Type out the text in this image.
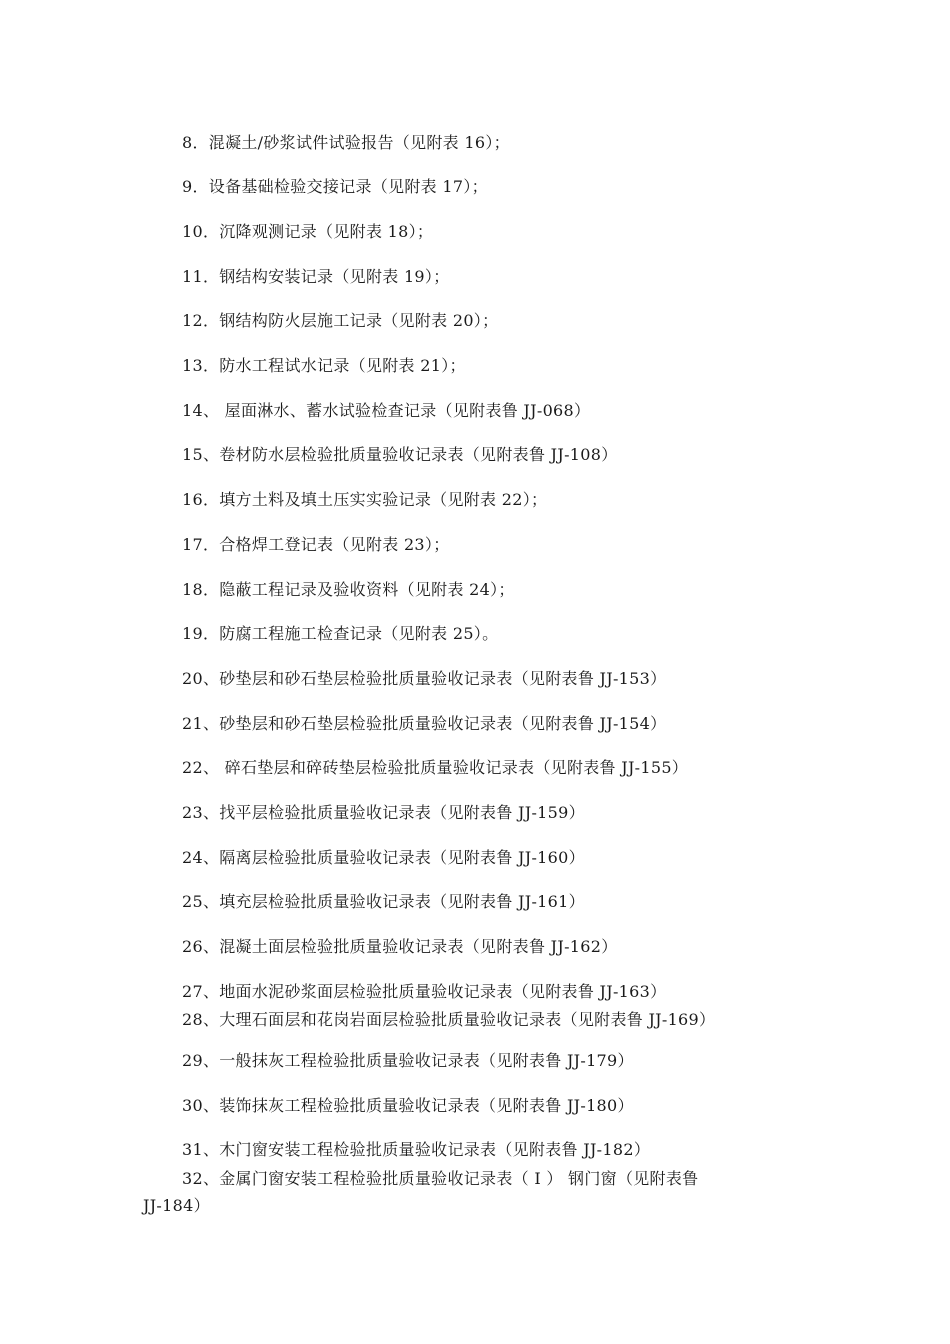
8．混凝土/砂浆试件试验报告（见附表 16）；
9．设备基础检验交接记录（见附表 17）；
10．沉降观测记录（见附表 18）；
11．钢结构安装记录（见附表 19）；
12．钢结构防火层施工记录（见附表 20）；
13．防水工程试水记录（见附表 21）；
14、 屋面淋水、蓄水试验检查记录（见附表鲁 JJ-068）
15、卷材防水层检验批质量验收记录表（见附表鲁 JJ-108）
16．填方土料及填土压实实验记录（见附表 22）；
17．合格焊工登记表（见附表 23）；
18．隐蔽工程记录及验收资料（见附表 24）；
19．防腐工程施工检查记录（见附表 25）。
20、砂垫层和砂石垫层检验批质量验收记录表（见附表鲁 JJ-153）
21、砂垫层和砂石垫层检验批质量验收记录表（见附表鲁 JJ-154）
22、 碎石垫层和碎砖垫层检验批质量验收记录表（见附表鲁 JJ-155）
23、找平层检验批质量验收记录表（见附表鲁 JJ-159）
24、隔离层检验批质量验收记录表（见附表鲁 JJ-160）
25、填充层检验批质量验收记录表（见附表鲁 JJ-161）
26、混凝土面层检验批质量验收记录表（见附表鲁 JJ-162）
27、地面水泥砂浆面层检验批质量验收记录表（见附表鲁 JJ-163）
28、大理石面层和花岗岩面层检验批质量验收记录表（见附表鲁 JJ-169）
29、一般抹灰工程检验批质量验收记录表（见附表鲁 JJ-179）
30、装饰抹灰工程检验批质量验收记录表（见附表鲁 JJ-180）
31、木门窗安装工程检验批质量验收记录表（见附表鲁 JJ-182）
32、金属门窗安装工程检验批质量验收记录表（ Ⅰ ） 钢门窗（见附表鲁
JJ-184）
